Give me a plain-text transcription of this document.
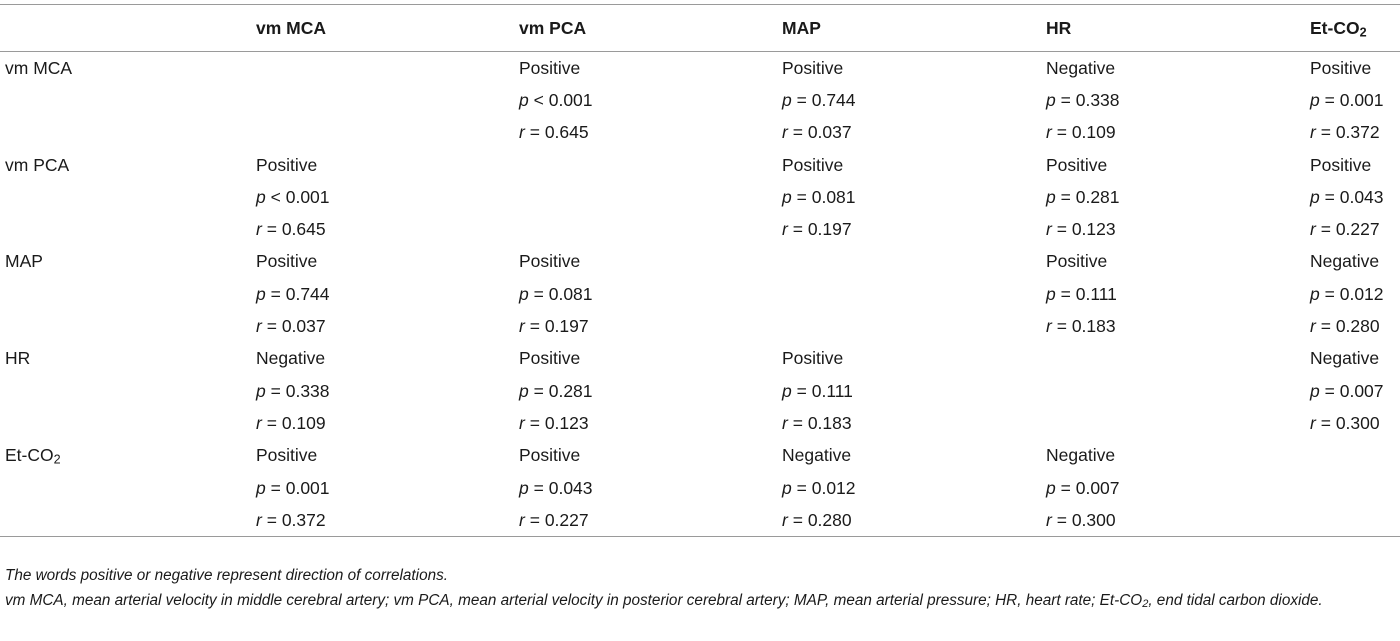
	vm MCA	vm PCA	MAP	HR	$Et-CO_2$
vm MCA		Positive	Positive	Negative	Positive
		p < 0.001	p = 0.744	p = 0.338	p = 0.001
		r = 0.645	r = 0.037	r = 0.109	r = 0.372
vm PCA	Positive		Positive	Positive	Positive
	p < 0.001		p = 0.081	p = 0.281	p = 0.043
	r = 0.645		r = 0.197	r = 0.123	r = 0.227
MAP	Positive	Positive		Positive	Negative
	p = 0.744	p = 0.081		p = 0.111	p = 0.012
	r = 0.037	r = 0.197		r = 0.183	r = 0.280
HR	Negative	Positive	Positive		Negative
	p = 0.338	p = 0.281	p = 0.111		p = 0.007
	r = 0.109	r = 0.123	r = 0.183		r = 0.300
$Et-CO_2$	Positive	Positive	Negative	Negative	
	p = 0.001	p = 0.043	p = 0.012	p = 0.007	
	r = 0.372	r = 0.227	r = 0.280	r = 0.300	

The words positive or negative represent direction of correlations.

vm MCA, mean arterial velocity in middle cerebral artery; vm PCA, mean arterial velocity in posterior cerebral artery; MAP, mean arterial pressure; HR, heart rate; $Et-CO_2$, end tidal carbon dioxide.
